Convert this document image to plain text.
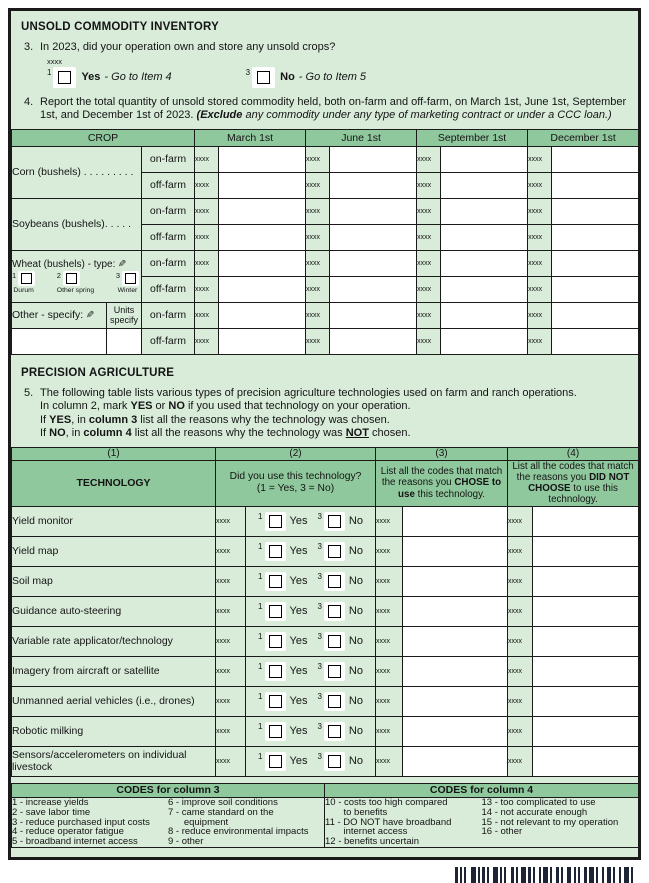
UNSOLD COMMODITY INVENTORY
3. In 2023, did your operation own and store any unsold crops?
xxxx
1	Yes - Go to Item 4	3	No - Go to Item 5
4. Report the total quantity of unsold stored commodity held, both on-farm and off-farm, on March 1st, June 1st, September 1st, and December 1st of 2023. (Exclude any commodity under any type of marketing contract or under a CCC loan.)
CROP			March 1st		June 1st		September 1st		December 1st	
Corn (bushels) . . . . . . . . .		on-farm	xxxx		xxxx		xxxx		xxxx	
		off-farm	xxxx		xxxx		xxxx		xxxx	
Soybeans (bushels). . . . .		on-farm	xxxx		xxxx		xxxx		xxxx	
		off-farm	xxxx		xxxx		xxxx		xxxx	

Wheat (bushels) - type: ✎
1
Durum
2
Other spring
3
Winter
	on-farm	xxxx		xxxx		xxxx		xxxx	
		off-farm	xxxx		xxxx		xxxx		xxxx	
Other - specify: ✎	Units specify	on-farm	xxxx		xxxx		xxxx		xxxx	
		off-farm	xxxx		xxxx		xxxx		xxxx	
PRECISION AGRICULTURE
5. The following table lists various types of precision agriculture technologies used on farm and ranch operations.
In column 2, mark YES or NO if you used that technology on your operation.
If YES, in column 3 list all the reasons why the technology was chosen.
If NO, in column 4 list all the reasons why the technology was NOT chosen.
(1)	(2)		(3)		(4)	
TECHNOLOGY	Did you use this technology?
(1 = Yes, 3 = No)		List all the codes that match the reasons you CHOSE to use this technology.		List all the codes that match the reasons you DID NOT CHOOSE to use this technology.	
Yield monitor	xxxx	1 Yes 3 No	xxxx		xxxx	
Yield map	xxxx	1 Yes 3 No	xxxx		xxxx	
Soil map	xxxx	1 Yes 3 No	xxxx		xxxx	
Guidance auto-steering	xxxx	1 Yes 3 No	xxxx		xxxx	
Variable rate applicator/technology	xxxx	1 Yes 3 No	xxxx		xxxx	
Imagery from aircraft or satellite	xxxx	1 Yes 3 No	xxxx		xxxx	
Unmanned aerial vehicles (i.e., drones)	xxxx	1 Yes 3 No	xxxx		xxxx	
Robotic milking	xxxx	1 Yes 3 No	xxxx		xxxx	
Sensors/accelerometers on individual livestock	xxxx	1 Yes 3 No	xxxx		xxxx	
CODES for column 3	CODES for column 4

1 - increase yields
2 - save labor time
3 - reduce purchased input costs
4 - reduce operator fatigue
5 - broadband internet access
6 - improve soil conditions
7 - came standard on the
equipment
8 - reduce environmental impacts
9 - other

10 - costs too high compared
to benefits
11 - DO NOT have broadband
internet access
12 - benefits uncertain
13 - too complicated to use
14 - not accurate enough
15 - not relevant to my operation
16 - other
